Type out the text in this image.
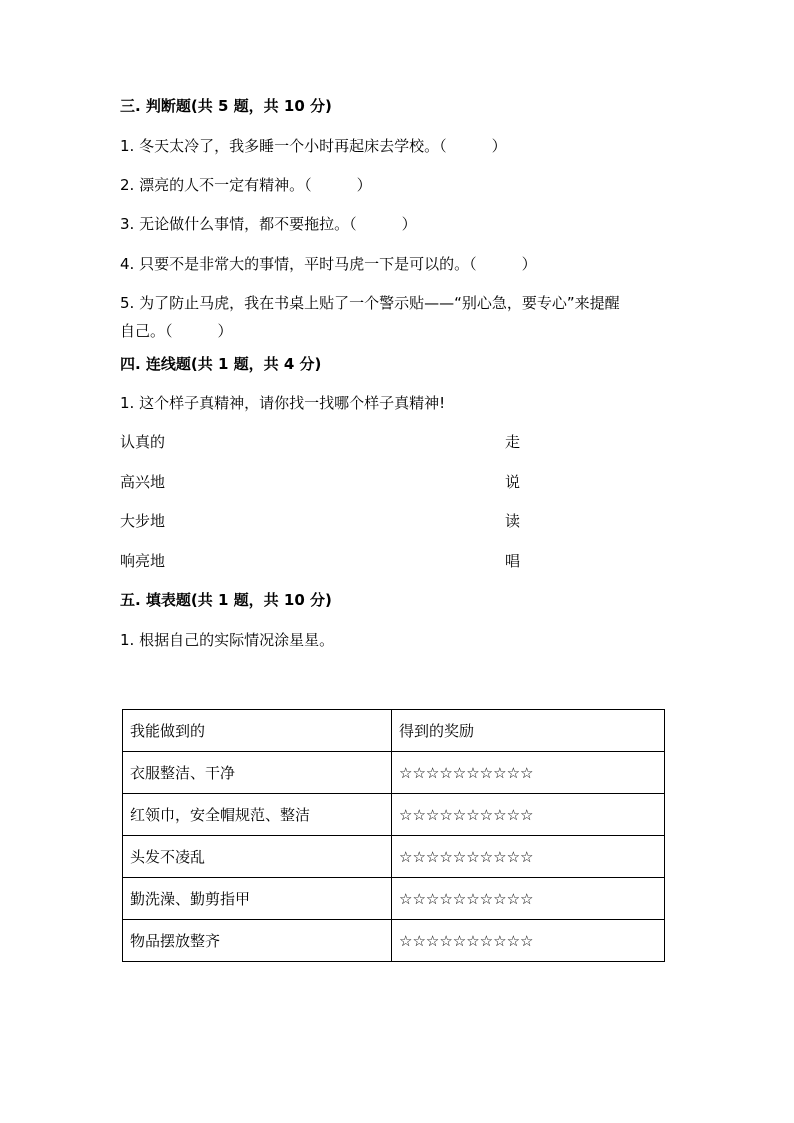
三. 判断题(共 5 题，共 10 分)
1. 冬天太冷了，我多睡一个小时再起床去学校。（　　　）
2. 漂亮的人不一定有精神。（　　　）
3. 无论做什么事情，都不要拖拉。（　　　）
4. 只要不是非常大的事情，平时马虎一下是可以的。（　　　）
5. 为了防止马虎，我在书桌上贴了一个警示贴——“别心急，要专心”来提醒
自己。（　　　）
四. 连线题(共 1 题，共 4 分)
1. 这个样子真精神，请你找一找哪个样子真精神!
认真的	走
高兴地	说
大步地	读
响亮地	唱
五. 填表题(共 1 题，共 10 分)
1. 根据自己的实际情况涂星星。
我能做到的	得到的奖励
衣服整洁、干净	☆☆☆☆☆☆☆☆☆☆
红领巾，安全帽规范、整洁	☆☆☆☆☆☆☆☆☆☆
头发不凌乱	☆☆☆☆☆☆☆☆☆☆
勤洗澡、勤剪指甲	☆☆☆☆☆☆☆☆☆☆
物品摆放整齐	☆☆☆☆☆☆☆☆☆☆
